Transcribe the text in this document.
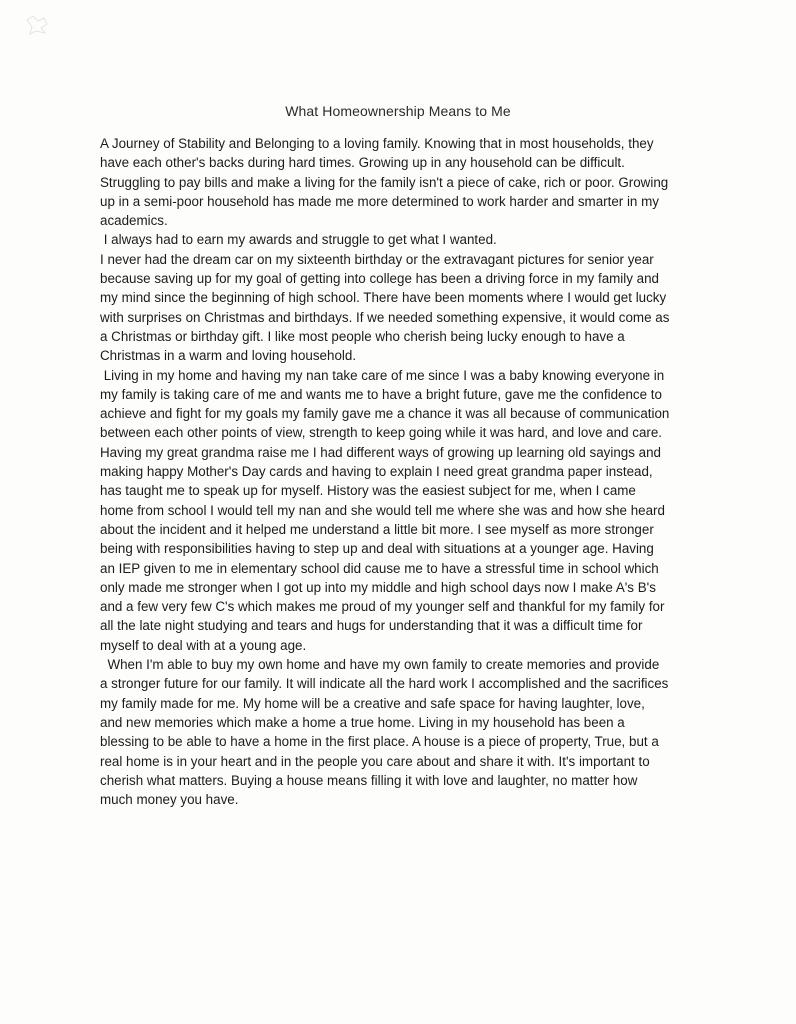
What Homeownership Means to Me
A Journey of Stability and Belonging to a loving family. Knowing that in most households, they
have each other's backs during hard times. Growing up in any household can be difficult.
Struggling to pay bills and make a living for the family isn't a piece of cake, rich or poor. Growing
up in a semi-poor household has made me more determined to work harder and smarter in my
academics.
I always had to earn my awards and struggle to get what I wanted.
I never had the dream car on my sixteenth birthday or the extravagant pictures for senior year
because saving up for my goal of getting into college has been a driving force in my family and
my mind since the beginning of high school. There have been moments where I would get lucky
with surprises on Christmas and birthdays. If we needed something expensive, it would come as
a Christmas or birthday gift. I like most people who cherish being lucky enough to have a
Christmas in a warm and loving household.
Living in my home and having my nan take care of me since I was a baby knowing everyone in
my family is taking care of me and wants me to have a bright future, gave me the confidence to
achieve and fight for my goals my family gave me a chance it was all because of communication
between each other points of view, strength to keep going while it was hard, and love and care.
Having my great grandma raise me I had different ways of growing up learning old sayings and
making happy Mother's Day cards and having to explain I need great grandma paper instead,
has taught me to speak up for myself. History was the easiest subject for me, when I came
home from school I would tell my nan and she would tell me where she was and how she heard
about the incident and it helped me understand a little bit more. I see myself as more stronger
being with responsibilities having to step up and deal with situations at a younger age. Having
an IEP given to me in elementary school did cause me to have a stressful time in school which
only made me stronger when I got up into my middle and high school days now I make A's B's
and a few very few C's which makes me proud of my younger self and thankful for my family for
all the late night studying and tears and hugs for understanding that it was a difficult time for
myself to deal with at a young age.
When I'm able to buy my own home and have my own family to create memories and provide
a stronger future for our family. It will indicate all the hard work I accomplished and the sacrifices
my family made for me. My home will be a creative and safe space for having laughter, love,
and new memories which make a home a true home. Living in my household has been a
blessing to be able to have a home in the first place. A house is a piece of property, True, but a
real home is in your heart and in the people you care about and share it with. It's important to
cherish what matters. Buying a house means filling it with love and laughter, no matter how
much money you have.
